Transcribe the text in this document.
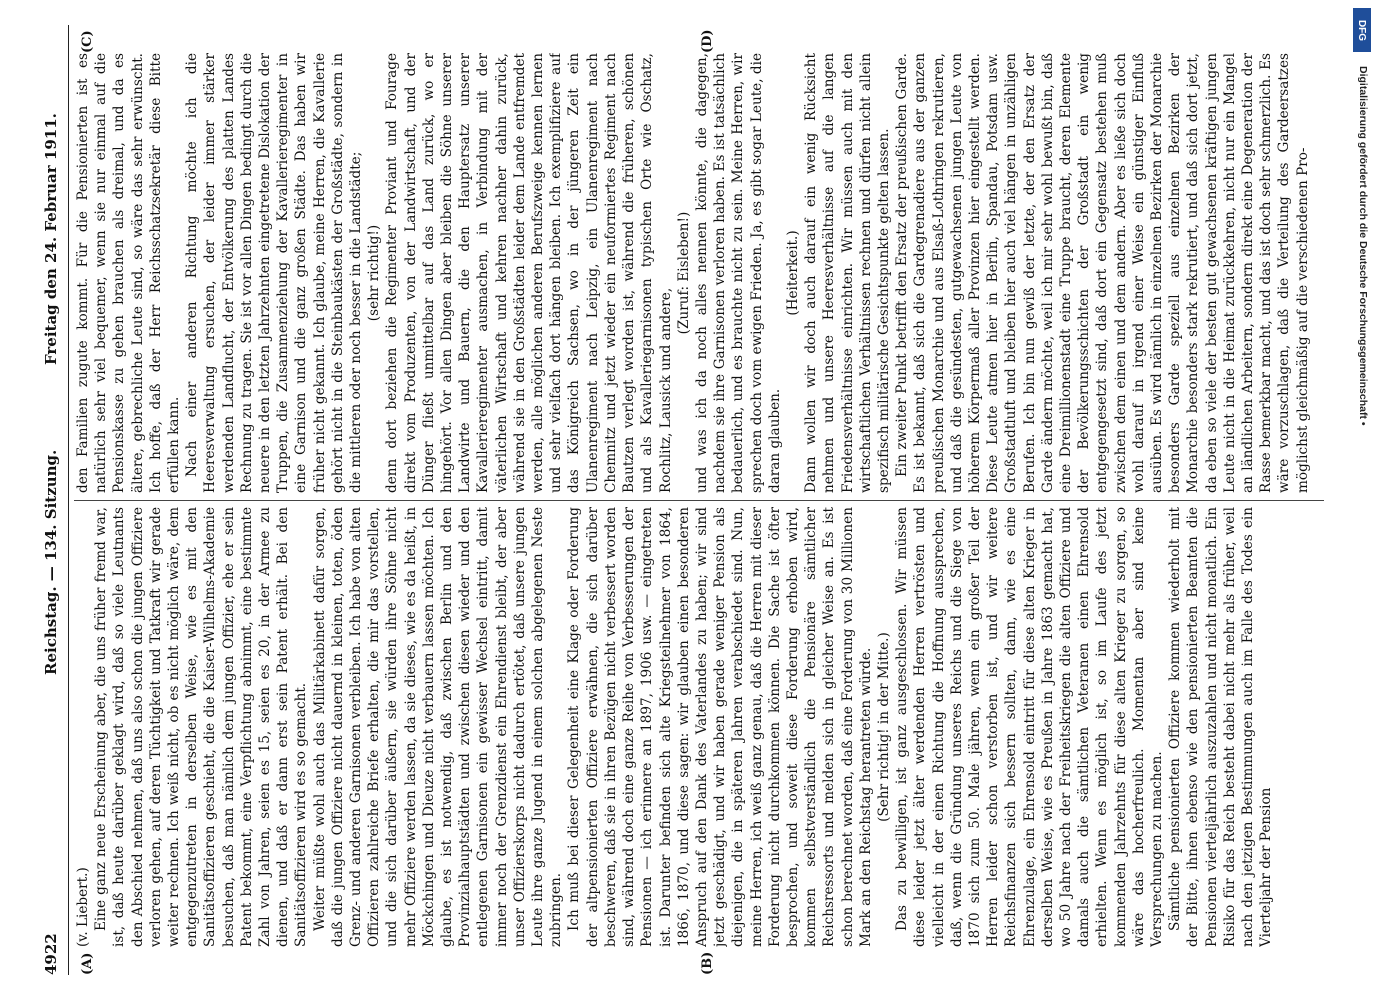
4922
Reichstag. — 134. Sitzung.
Freitag den 24. Februar 1911.
(A)	(B)
(C)	(D)

(v. Liebert.) Eine ganz neue Erscheinung aber, die uns früher fremd war, ist, daß heute darüber geklagt wird, daß so viele Leutnants den Abschied nehmen, daß uns also schon die jungen Offiziere verloren gehen, auf deren Tüchtigkeit und Tatkraft wir gerade weiter rechnen. Ich weiß nicht, ob es nicht möglich wäre, dem entgegenzutreten in derselben Weise, wie es mit den Sanitätsoffizieren geschieht, die die Kaiser-Wilhelms-Akademie besuchen, daß man nämlich dem jungen Offizier, ehe er sein Patent bekommt, eine Verpflichtung abnimmt, eine bestimmte Zahl von Jahren, seien es 15, seien es 20, in der Armee zu dienen, und daß er dann erst sein Patent erhält. Bei den Sanitätsoffizieren wird es so gemacht. Weiter müßte wohl auch das Militärkabinett dafür sorgen, daß die jungen Offiziere nicht dauernd in kleinen, toten, öden Grenz- und anderen Garnisonen verbleiben. Ich habe von alten Offizieren zahlreiche Briefe erhalten, die mir das vorstellen, und die sich darüber äußern, sie würden ihre Söhne nicht mehr Offiziere werden lassen, da sie dieses, wie es da heißt, in Möckchingen und Dieuze nicht verbauern lassen möchten. Ich glaube, es ist notwendig, daß zwischen Berlin und den Provinzialhauptstädten und zwischen diesen wieder und den entlegenen Garnisonen ein gewisser Wechsel eintritt, damit immer noch der Grenzdienst ein Ehrendienst bleibt, der aber unser Offizierskorps nicht dadurch ertötet, daß unsere jungen Leute ihre ganze Jugend in einem solchen abgelegenen Neste zubringen. Ich muß bei dieser Gelegenheit eine Klage oder Forderung der altpensionierten Offiziere erwähnen, die sich darüber beschweren, daß sie in ihren Bezügen nicht verbessert worden sind, während doch eine ganze Reihe von Verbesserungen der Pensionen — ich erinnere an 1897, 1906 usw. — eingetreten ist. Darunter befinden sich alte Kriegsteilnehmer von 1864, 1866, 1870, und diese sagen: wir glauben einen besonderen Anspruch auf den Dank des Vaterlandes zu haben; wir sind jetzt geschädigt, und wir haben gerade weniger Pension als diejenigen, die in späteren Jahren verabschiedet sind. Nun, meine Herren, ich weiß ganz genau, daß die Herren mit dieser Forderung nicht durchkommen können. Die Sache ist öfter besprochen, und soweit diese Forderung erhoben wird, kommen selbstverständlich die Pensionäre sämtlicher Reichsressorts und melden sich in gleicher Weise an. Es ist schon berechnet worden, daß eine Forderung von 30 Millionen Mark an den Reichstag herantreten würde. (Sehr richtig! in der Mitte.) Das zu bewilligen, ist ganz ausgeschlossen. Wir müssen diese leider jetzt älter werdenden Herren vertrösten und vielleicht in der einen Richtung die Hoffnung aussprechen, daß, wenn die Gründung unseres Reichs und die Siege von 1870 sich zum 50. Male jähren, wenn ein großer Teil der Herren leider schon verstorben ist, und wir weitere Reichsfinanzen sich bessern sollten, dann, wie es eine Ehrenzulage, ein Ehrensold eintritt für diese alten Krieger in derselben Weise, wie es Preußen in Jahre 1863 gemacht hat, wo 50 Jahre nach der Freiheitskriegen die alten Offiziere und damals auch die sämtlichen Veteranen einen Ehrensold erhielten. Wenn es möglich ist, so im Laufe des jetzt kommenden Jahrzehnts für diese alten Krieger zu sorgen, so wäre das hocherfreulich. Momentan aber sind keine Versprechungen zu machen. Sämtliche pensionierten Offiziere kommen wiederholt mit der Bitte, ihnen ebenso wie den pensionierten Beamten die Pensionen vierteljährlich auszuzahlen und nicht monatlich. Ein Risiko für das Reich besteht dabei nicht mehr als früher, weil nach den jetzigen Bestimmungen auch im Falle des Todes ein Vierteljahr der Pension

den Familien zugute kommt. Für die Pensionierten ist es natürlich sehr viel bequemer, wenn sie nur einmal auf die Pensionskasse zu gehen brauchen als dreimal, und da es ältere, gebrechliche Leute sind, so wäre das sehr erwünscht. Ich hoffe, daß der Herr Reichsschatzsekretär diese Bitte erfüllen kann. Nach einer anderen Richtung möchte ich die Heeresverwaltung ersuchen, der leider immer stärker werdenden Landflucht, der Entvölkerung des platten Landes Rechnung zu tragen. Sie ist vor allen Dingen bedingt durch die neuere in den letzten Jahrzehnten eingetretene Dislokation der Truppen, die Zusammenziehung der Kavallerieregimenter in eine Garnison und die ganz großen Städte. Das haben wir früher nicht gekannt. Ich glaube, meine Herren, die Kavallerie gehört nicht in die Steinbaukästen der Großstädte, sondern in die mittleren oder noch besser in die Landstädte; (sehr richtig!) denn dort beziehen die Regimenter Proviant und Fourage direkt vom Produzenten, von der Landwirtschaft, und der Dünger fließt unmittelbar auf das Land zurück, wo er hingehört. Vor allen Dingen aber bleiben die Söhne unserer Landwirte und Bauern, die den Hauptersatz unserer Kavallerieregimenter ausmachen, in Verbindung mit der väterlichen Wirtschaft und kehren nachher dahin zurück, während sie in den Großstädten leider dem Lande entfremdet werden, alle möglichen anderen Berufszweige kennen lernen und sehr vielfach dort hängen bleiben. Ich exemplifiziere auf das Königreich Sachsen, wo in der jüngeren Zeit ein Ulanenregiment nach Leipzig, ein Ulanenregiment nach Chemnitz und jetzt wieder ein neuformiertes Regiment nach Bautzen verlegt worden ist, während die früheren, schönen und als Kavalleriegarnisonen typischen Orte wie Oschatz, Rochlitz, Lausick und andere,

(Zuruf: Eisleben!) und was ich da noch alles nennen könnte, die dagegen, nachdem sie ihre Garnisonen verloren haben. Es ist tatsächlich bedauerlich, und es brauchte nicht zu sein. Meine Herren, wir sprechen doch vom ewigen Frieden. Ja, es gibt sogar Leute, die daran glauben.

(Heiterkeit.) Dann wollen wir doch auch darauf ein wenig Rücksicht nehmen und unsere Heeresverhältnisse auf die langen Friedensverhältnisse einrichten. Wir müssen auch mit den wirtschaftlichen Verhältnissen rechnen und dürfen nicht allein spezifisch militärische Gesichtspunkte gelten lassen. Ein zweiter Punkt betrifft den Ersatz der preußischen Garde. Es ist bekannt, daß sich die Gardegrenadiere aus der ganzen preußischen Monarchie und aus Elsaß-Lothringen rekrutieren, und daß die gesündesten, gutgewachsenen jungen Leute von höherem Körpermaß aller Provinzen hier eingestellt werden. Diese Leute atmen hier in Berlin, Spandau, Potsdam usw. Großstadtluft und bleiben hier auch viel hängen in unzähligen Berufen. Ich bin nun gewiß der letzte, der den Ersatz der Garde ändern möchte, weil ich mir sehr wohl bewußt bin, daß eine Dreimillionenstadt eine Truppe braucht, deren Elemente der Bevölkerungsschichten der Großstadt ein wenig entgegengesetzt sind, daß dort ein Gegensatz bestehen muß zwischen dem einen und dem andern. Aber es ließe sich doch wohl darauf in irgend einer Weise ein günstiger Einfluß ausüben. Es wird nämlich in einzelnen Bezirken der Monarchie besonders Garde speziell aus einzelnen Bezirken der Monarchie besonders stark rekrutiert, und daß sich dort jetzt, da eben so viele der besten gut gewachsenen kräftigen jungen Leute nicht in die Heimat zurückkehren, nicht nur ein Mangel an ländlichen Arbeitern, sondern direkt eine Degeneration der Rasse bemerkbar macht, und das ist doch sehr schmerzlich. Es wäre vorzuschlagen, daß die Verteilung des Gardeersatzes möglichst gleichmäßig auf die verschiedenen Pro-

DFG
Digitalisierung gefördert durch die Deutsche Forschungsgemeinschaft •
